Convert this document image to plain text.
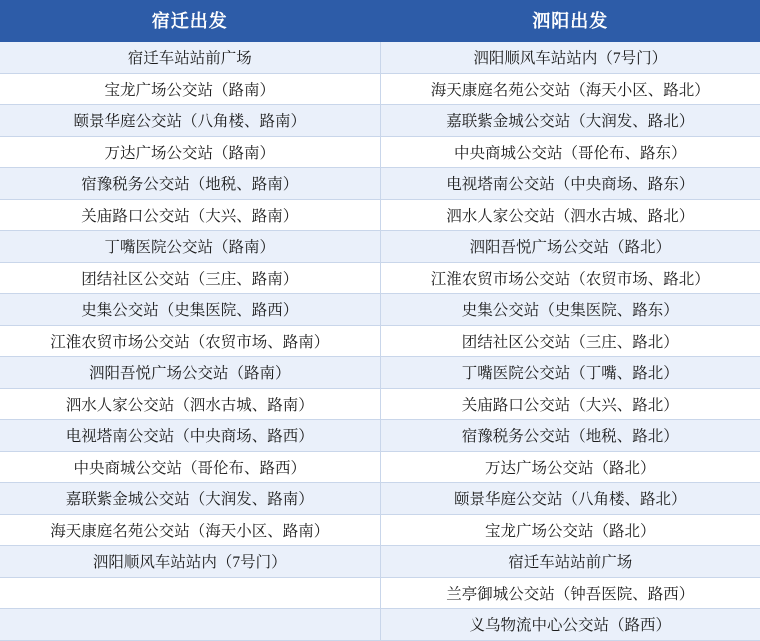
宿迁出发	泗阳出发
宿迁车站站前广场	泗阳顺风车站站内（7号门）
宝龙广场公交站（路南）	海天康庭名苑公交站（海天小区、路北）
颐景华庭公交站（八角楼、路南）	嘉联紫金城公交站（大润发、路北）
万达广场公交站（路南）	中央商城公交站（哥伦布、路东）
宿豫税务公交站（地税、路南）	电视塔南公交站（中央商场、路东）
关庙路口公交站（大兴、路南）	泗水人家公交站（泗水古城、路北）
丁嘴医院公交站（路南）	泗阳吾悦广场公交站（路北）
团结社区公交站（三庄、路南）	江淮农贸市场公交站（农贸市场、路北）
史集公交站（史集医院、路西）	史集公交站（史集医院、路东）
江淮农贸市场公交站（农贸市场、路南）	团结社区公交站（三庄、路北）
泗阳吾悦广场公交站（路南）	丁嘴医院公交站（丁嘴、路北）
泗水人家公交站（泗水古城、路南）	关庙路口公交站（大兴、路北）
电视塔南公交站（中央商场、路西）	宿豫税务公交站（地税、路北）
中央商城公交站（哥伦布、路西）	万达广场公交站（路北）
嘉联紫金城公交站（大润发、路南）	颐景华庭公交站（八角楼、路北）
海天康庭名苑公交站（海天小区、路南）	宝龙广场公交站（路北）
泗阳顺风车站站内（7号门）	宿迁车站站前广场
	兰亭御城公交站（钟吾医院、路西）
	义乌物流中心公交站（路西）
